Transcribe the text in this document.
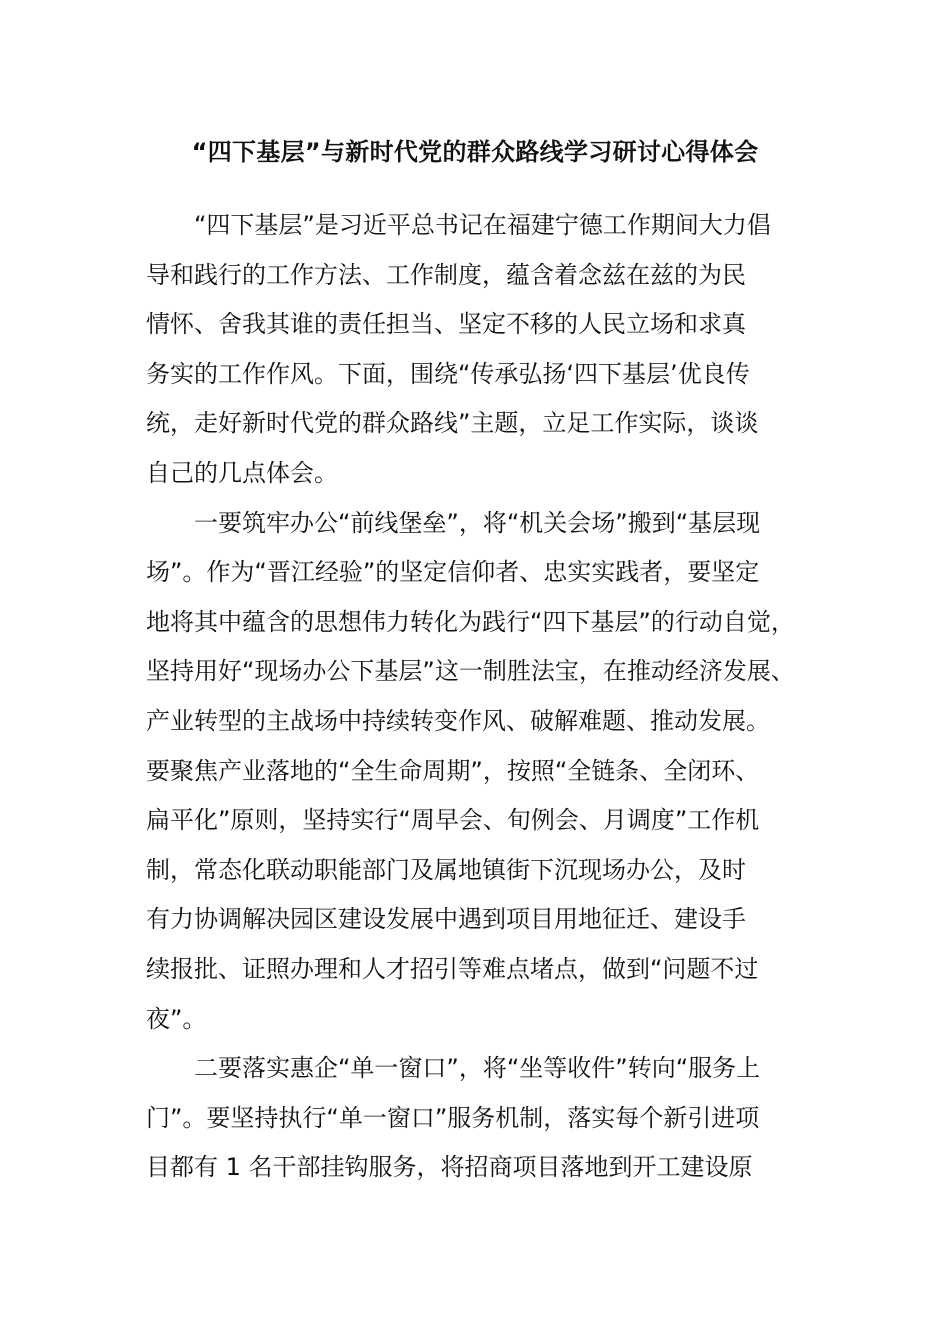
“四下基层”与新时代党的群众路线学习研讨心得体会
“四下基层”是习近平总书记在福建宁德工作期间大力倡
导和践行的工作方法、工作制度，蕴含着念兹在兹的为民
情怀、舍我其谁的责任担当、坚定不移的人民立场和求真
务实的工作作风。下面，围绕“传承弘扬‘四下基层’优良传
统，走好新时代党的群众路线”主题，立足工作实际，谈谈
自己的几点体会。
一要筑牢办公“前线堡垒”，将“机关会场”搬到“基层现
场”。作为“晋江经验”的坚定信仰者、忠实实践者，要坚定
地将其中蕴含的思想伟力转化为践行“四下基层”的行动自觉，
坚持用好“现场办公下基层”这一制胜法宝，在推动经济发展、
产业转型的主战场中持续转变作风、破解难题、推动发展。
要聚焦产业落地的“全生命周期”，按照“全链条、全闭环、
扁平化”原则，坚持实行“周早会、旬例会、月调度”工作机
制，常态化联动职能部门及属地镇街下沉现场办公，及时
有力协调解决园区建设发展中遇到项目用地征迁、建设手
续报批、证照办理和人才招引等难点堵点，做到“问题不过
夜”。
二要落实惠企“单一窗口”，将“坐等收件”转向“服务上
门”。要坚持执行“单一窗口”服务机制，落实每个新引进项
目都有 1 名干部挂钩服务，将招商项目落地到开工建设原
